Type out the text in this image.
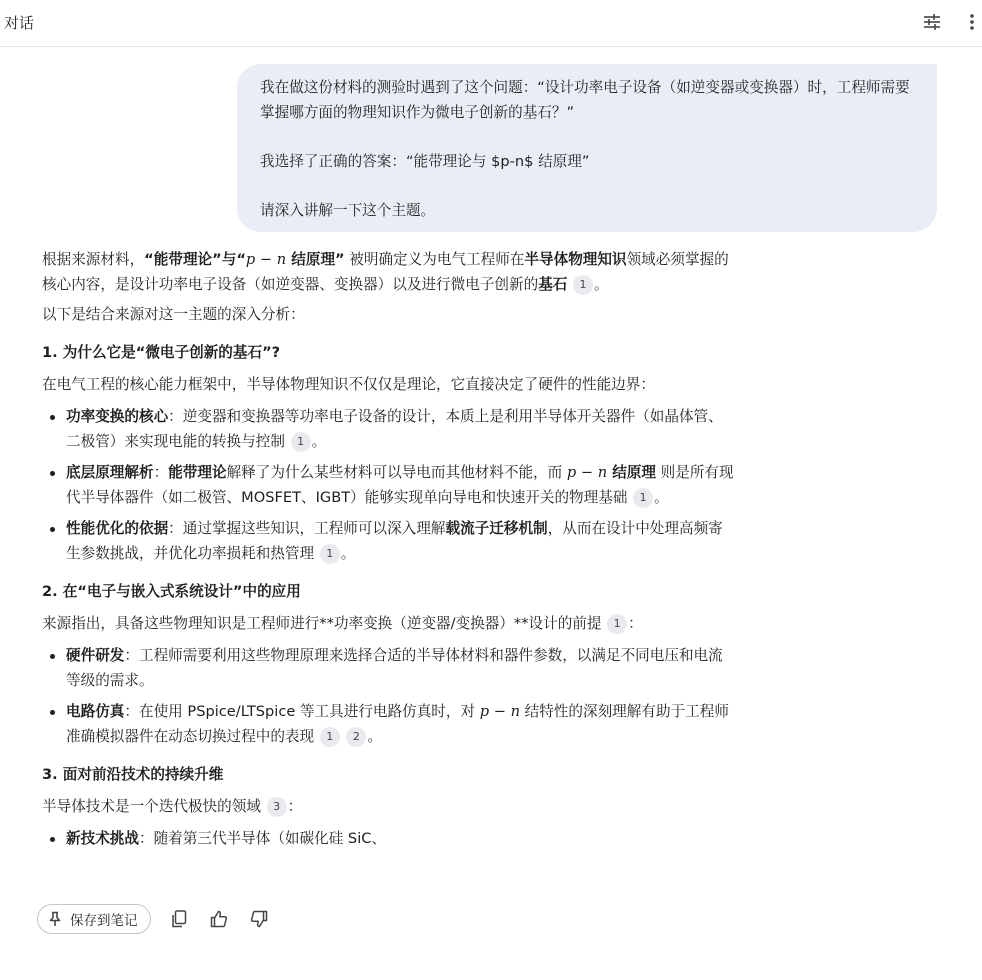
对话

我在做这份材料的测验时遇到了这个问题：“设计功率电子设备（如逆变器或变换器）时，工程师需要掌握哪方面的物理知识作为微电子创新的基石？”

我选择了正确的答案：“能带理论与 $p-n$ 结原理”

请深入讲解一下这个主题。

根据来源材料，“能带理论”与“p − n 结原理” 被明确定义为电气工程师在半导体物理知识领域必须掌握的核心内容，是设计功率电子设备（如逆变器、变换器）以及进行微电子创新的基石 1 。

以下是结合来源对这一主题的深入分析：

1. 为什么它是“微电子创新的基石”?

在电气工程的核心能力框架中，半导体物理知识不仅仅是理论，它直接决定了硬件的性能边界：

功率变换的核心：逆变器和变换器等功率电子设备的设计，本质上是利用半导体开关器件（如晶体管、二极管）来实现电能的转换与控制 1 。
底层原理解析：能带理论解释了为什么某些材料可以导电而其他材料不能，而 p − n 结原理 则是所有现代半导体器件（如二极管、MOSFET、IGBT）能够实现单向导电和快速开关的物理基础 1 。
性能优化的依据：通过掌握这些知识，工程师可以深入理解载流子迁移机制，从而在设计中处理高频寄生参数挑战，并优化功率损耗和热管理 1 。

2. 在“电子与嵌入式系统设计”中的应用

来源指出，具备这些物理知识是工程师进行**功率变换（逆变器/变换器）**设计的前提 1 ：

硬件研发：工程师需要利用这些物理原理来选择合适的半导体材料和器件参数，以满足不同电压和电流等级的需求。
电路仿真：在使用 PSpice/LTSpice 等工具进行电路仿真时，对 p − n 结特性的深刻理解有助于工程师准确模拟器件在动态切换过程中的表现 1 2 。

3. 面对前沿技术的持续升维

半导体技术是一个迭代极快的领域 3 ：

新技术挑战：随着第三代半导体（如碳化硅 SiC、
保存到笔记
